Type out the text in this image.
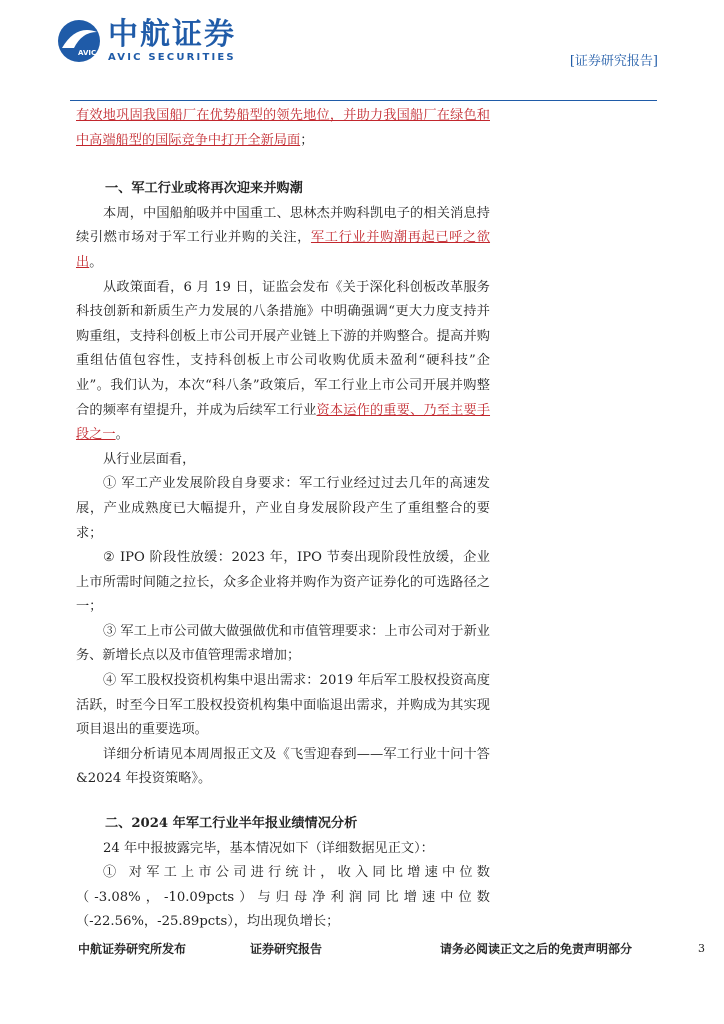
AVIC
中航证券
AVIC SECURITIES	[证券研究报告]

有效地巩固我国船厂在优势船型的领先地位，并助力我国船厂在绿色和中高端船型的国际竞争中打开全新局面；

一、军工行业或将再次迎来并购潮

本周，中国船舶吸并中国重工、思林杰并购科凯电子的相关消息持续引燃市场对于军工行业并购的关注，军工行业并购潮再起已呼之欲出。

从政策面看，6 月 19 日，证监会发布《关于深化科创板改革服务科技创新和新质生产力发展的八条措施》中明确强调“更大力度支持并购重组，支持科创板上市公司开展产业链上下游的并购整合。提高并购重组估值包容性，支持科创板上市公司收购优质未盈利“硬科技”企业”。我们认为，本次“科八条”政策后，军工行业上市公司开展并购整合的频率有望提升，并成为后续军工行业资本运作的重要、乃至主要手段之一。

从行业层面看，

① 军工产业发展阶段自身要求：军工行业经过过去几年的高速发展，产业成熟度已大幅提升，产业自身发展阶段产生了重组整合的要求；

② IPO 阶段性放缓：2023 年，IPO 节奏出现阶段性放缓，企业上市所需时间随之拉长，众多企业将并购作为资产证券化的可选路径之一；

③ 军工上市公司做大做强做优和市值管理要求：上市公司对于新业务、新增长点以及市值管理需求增加；

④ 军工股权投资机构集中退出需求：2019 年后军工股权投资高度活跃，时至今日军工股权投资机构集中面临退出需求，并购成为其实现项目退出的重要选项。

详细分析请见本周周报正文及《飞雪迎春到——军工行业十问十答&2024 年投资策略》。

二、2024 年军工行业半年报业绩情况分析

24 年中报披露完毕，基本情况如下（详细数据见正文）：

① 对军工上市公司进行统计，收入同比增速中位数（-3.08%，-10.09pcts）与归母净利润同比增速中位数（-22.56%，-25.89pcts），均出现负增长；

中航证券研究所发布	证券研究报告	请务必阅读正文之后的免责声明部分	3
